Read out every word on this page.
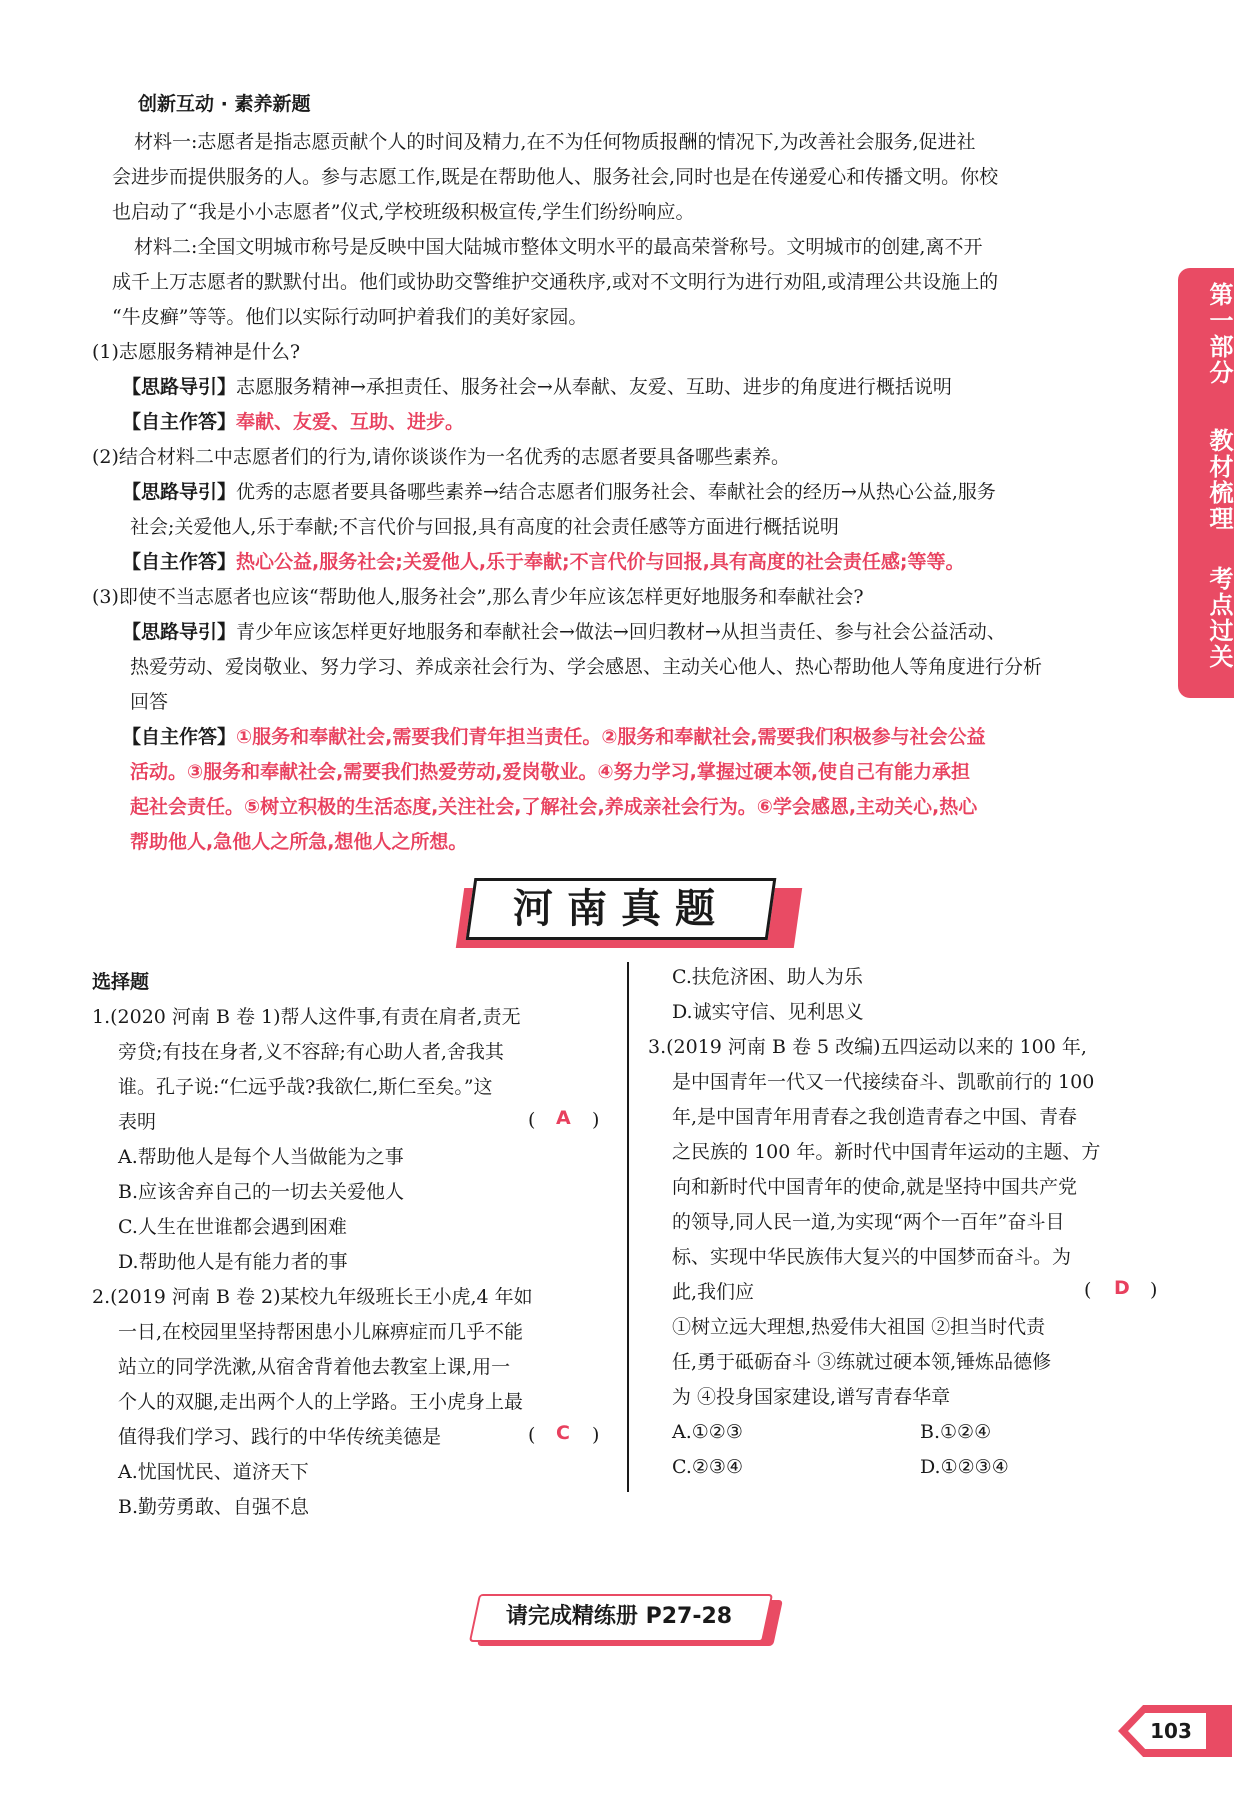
第一部分
教材梳理
考点过关
创新互动 · 素养新题
材料一:志愿者是指志愿贡献个人的时间及精力,在不为任何物质报酬的情况下,为改善社会服务,促进社
会进步而提供服务的人。参与志愿工作,既是在帮助他人、服务社会,同时也是在传递爱心和传播文明。你校
也启动了“我是小小志愿者”仪式,学校班级积极宣传,学生们纷纷响应。
材料二:全国文明城市称号是反映中国大陆城市整体文明水平的最高荣誉称号。文明城市的创建,离不开
成千上万志愿者的默默付出。他们或协助交警维护交通秩序,或对不文明行为进行劝阻,或清理公共设施上的
“牛皮癣”等等。他们以实际行动呵护着我们的美好家园。
(1)志愿服务精神是什么?
【思路导引】志愿服务精神→承担责任、服务社会→从奉献、友爱、互助、进步的角度进行概括说明
【自主作答】奉献、友爱、互助、进步。
(2)结合材料二中志愿者们的行为,请你谈谈作为一名优秀的志愿者要具备哪些素养。
【思路导引】优秀的志愿者要具备哪些素养→结合志愿者们服务社会、奉献社会的经历→从热心公益,服务
社会;关爱他人,乐于奉献;不言代价与回报,具有高度的社会责任感等方面进行概括说明
【自主作答】热心公益,服务社会;关爱他人,乐于奉献;不言代价与回报,具有高度的社会责任感;等等。
(3)即使不当志愿者也应该“帮助他人,服务社会”,那么青少年应该怎样更好地服务和奉献社会?
【思路导引】青少年应该怎样更好地服务和奉献社会→做法→回归教材→从担当责任、参与社会公益活动、
热爱劳动、爱岗敬业、努力学习、养成亲社会行为、学会感恩、主动关心他人、热心帮助他人等角度进行分析
回答
【自主作答】①服务和奉献社会,需要我们青年担当责任。②服务和奉献社会,需要我们积极参与社会公益
活动。③服务和奉献社会,需要我们热爱劳动,爱岗敬业。④努力学习,掌握过硬本领,使自己有能力承担
起社会责任。⑤树立积极的生活态度,关注社会,了解社会,养成亲社会行为。⑥学会感恩,主动关心,热心
帮助他人,急他人之所急,想他人之所想。
河南真题
选择题
1.(2020 河南 B 卷 1)帮人这件事,有责在肩者,责无
旁贷;有技在身者,义不容辞;有心助人者,舍我其
谁。孔子说:“仁远乎哉?我欲仁,斯仁至矣。”这
表明	( A )
A.帮助他人是每个人当做能为之事
B.应该舍弃自己的一切去关爱他人
C.人生在世谁都会遇到困难
D.帮助他人是有能力者的事
2.(2019 河南 B 卷 2)某校九年级班长王小虎,4 年如
一日,在校园里坚持帮困患小儿麻痹症而几乎不能
站立的同学洗漱,从宿舍背着他去教室上课,用一
个人的双腿,走出两个人的上学路。王小虎身上最
值得我们学习、践行的中华传统美德是	( C )
A.忧国忧民、道济天下
B.勤劳勇敢、自强不息
C.扶危济困、助人为乐
D.诚实守信、见利思义
3.(2019 河南 B 卷 5 改编)五四运动以来的 100 年,
是中国青年一代又一代接续奋斗、凯歌前行的 100
年,是中国青年用青春之我创造青春之中国、青春
之民族的 100 年。新时代中国青年运动的主题、方
向和新时代中国青年的使命,就是坚持中国共产党
的领导,同人民一道,为实现“两个一百年”奋斗目
标、实现中华民族伟大复兴的中国梦而奋斗。为
此,我们应	( D )
①树立远大理想,热爱伟大祖国 ②担当时代责
任,勇于砥砺奋斗 ③练就过硬本领,锤炼品德修
为 ④投身国家建设,谱写青春华章
A.①②③	B.①②④
C.②③④	D.①②③④
请完成精练册 P27-28
103
